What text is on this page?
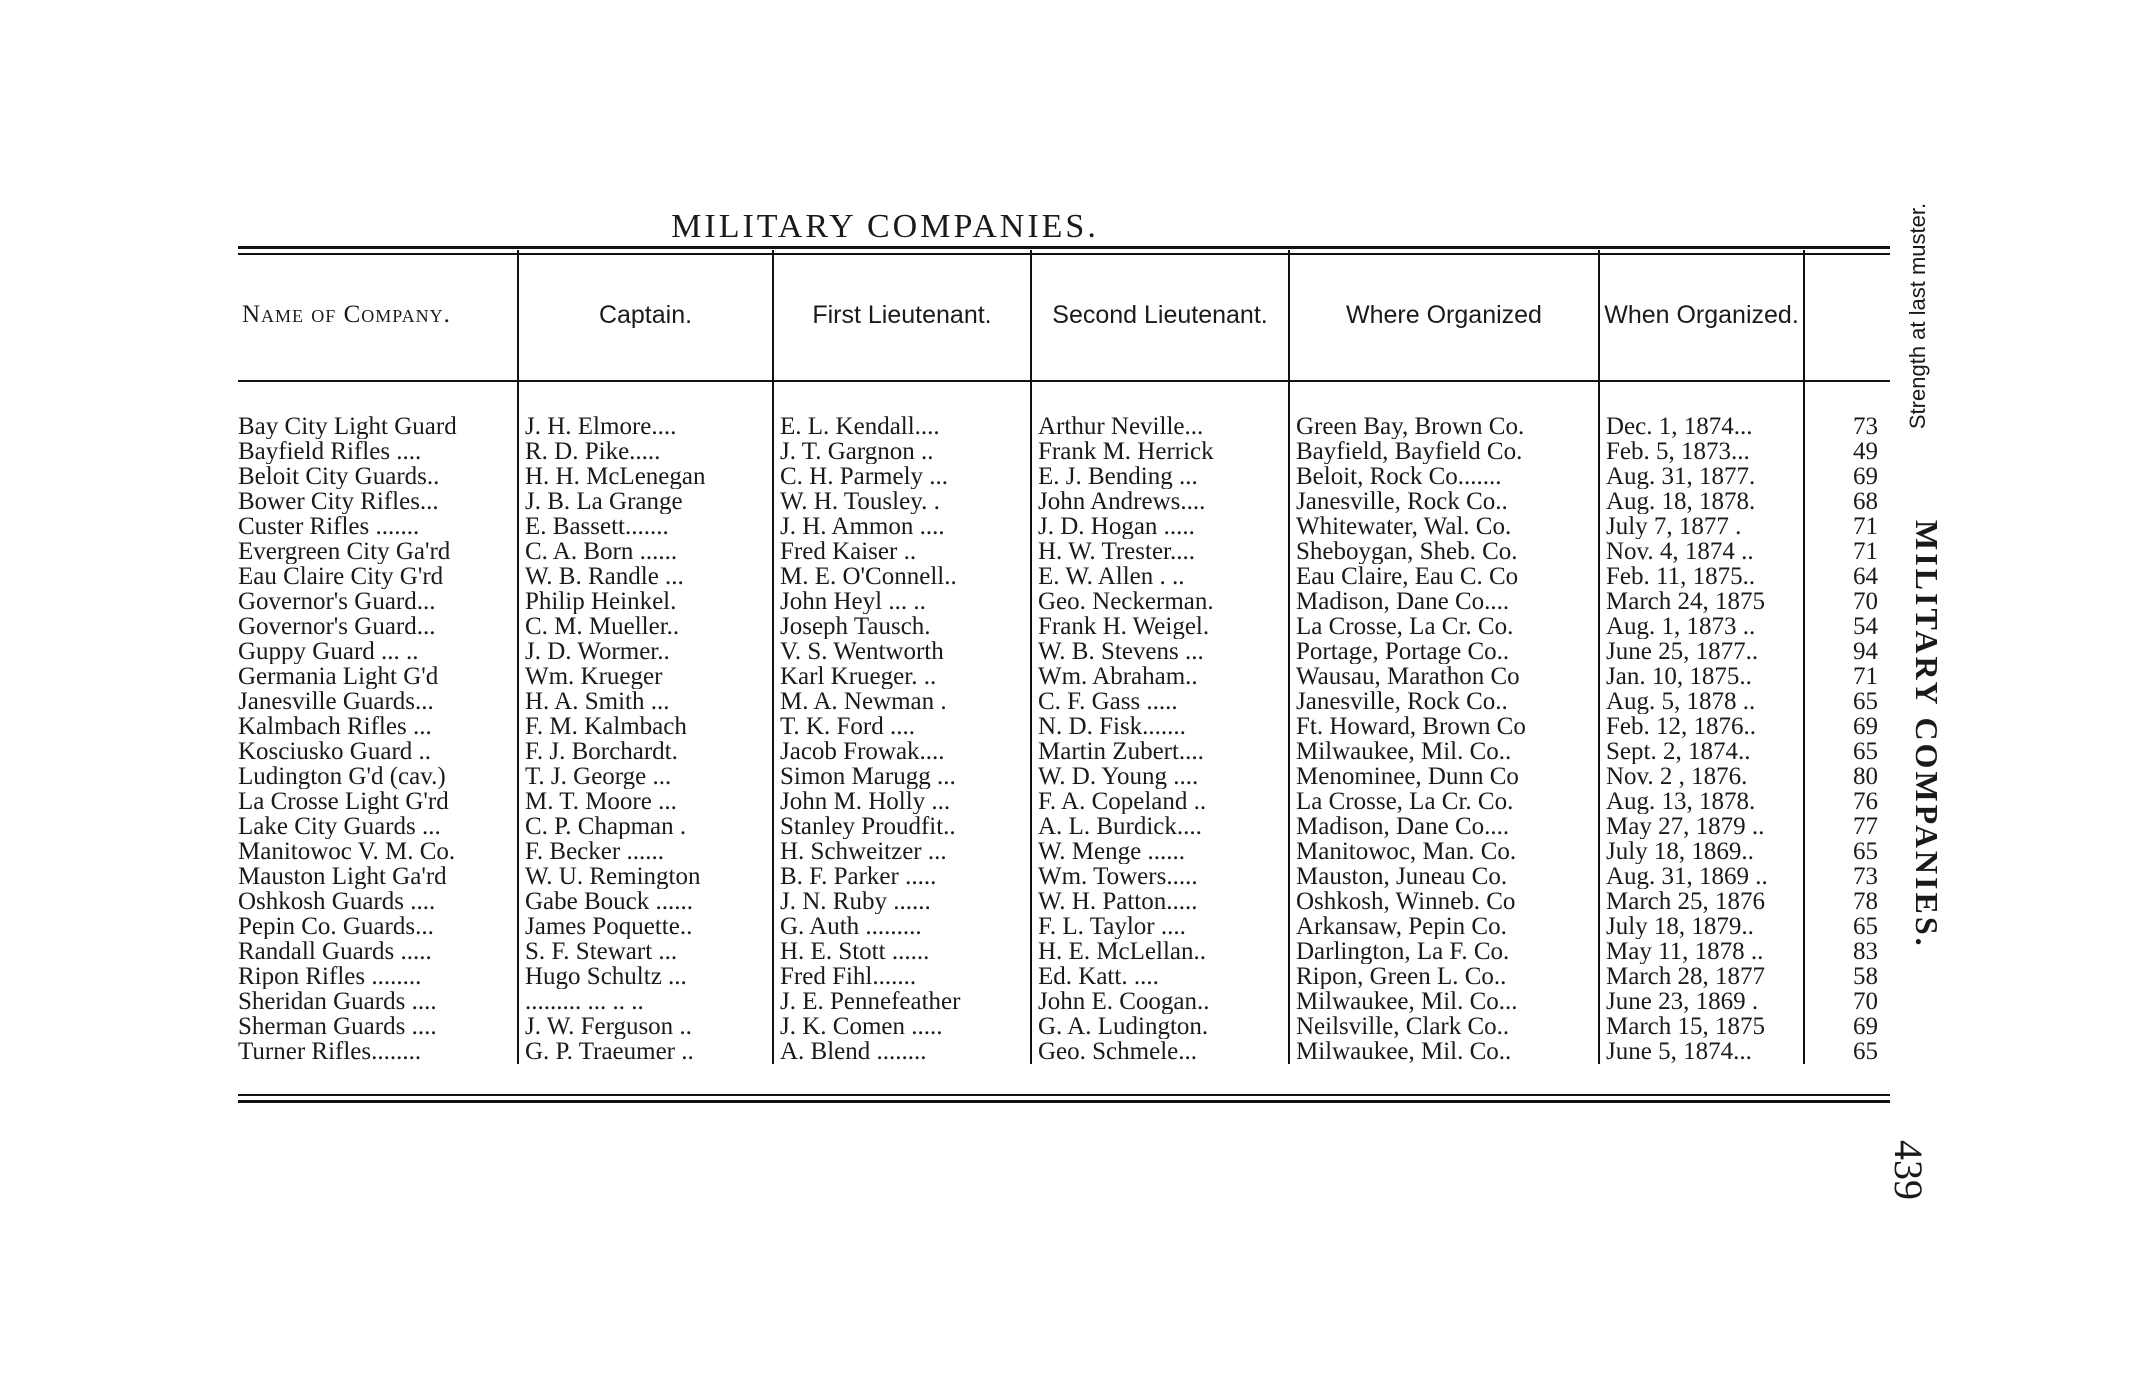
MILITARY COMPANIES.
Name of Company.	Captain.	First Lieutenant.	Second Lieutenant.	Where Organized	When Organized.	Strength at last muster.
Bay City Light Guard	J. H. Elmore....	E. L. Kendall....	Arthur Neville...	Green Bay, Brown Co.	Dec. 1, 1874...	73
Bayfield Rifles ....	R. D. Pike.....	J. T. Gargnon ..	Frank M. Herrick	Bayfield, Bayfield Co.	Feb. 5, 1873...	49
Beloit City Guards..	H. H. McLenegan	C. H. Parmely ...	E. J. Bending ...	Beloit, Rock Co.......	Aug. 31, 1877.	69
Bower City Rifles...	J. B. La Grange	W. H. Tousley. .	John Andrews....	Janesville, Rock Co..	Aug. 18, 1878.	68
Custer Rifles .......	E. Bassett.......	J. H. Ammon ....	J. D. Hogan .....	Whitewater, Wal. Co.	July 7, 1877 .	71
Evergreen City Ga'rd	C. A. Born ......	Fred Kaiser ..	H. W. Trester....	Sheboygan, Sheb. Co.	Nov. 4, 1874 ..	71
Eau Claire City G'rd	W. B. Randle ...	M. E. O'Connell..	E. W. Allen . ..	Eau Claire, Eau C. Co	Feb. 11, 1875..	64
Governor's Guard...	Philip Heinkel.	John Heyl ... ..	Geo. Neckerman.	Madison, Dane Co....	March 24, 1875	70
Governor's Guard...	C. M. Mueller..	Joseph Tausch.	Frank H. Weigel.	La Crosse, La Cr. Co.	Aug. 1, 1873 ..	54
Guppy Guard ... ..	J. D. Wormer..	V. S. Wentworth	W. B. Stevens ...	Portage, Portage Co..	June 25, 1877..	94
Germania Light G'd	Wm. Krueger	Karl Krueger. ..	Wm. Abraham..	Wausau, Marathon Co	Jan. 10, 1875..	71
Janesville Guards...	H. A. Smith ...	M. A. Newman .	C. F. Gass .....	Janesville, Rock Co..	Aug. 5, 1878 ..	65
Kalmbach Rifles ...	F. M. Kalmbach	T. K. Ford ....	N. D. Fisk.......	Ft. Howard, Brown Co	Feb. 12, 1876..	69
Kosciusko Guard ..	F. J. Borchardt.	Jacob Frowak....	Martin Zubert....	Milwaukee, Mil. Co..	Sept. 2, 1874..	65
Ludington G'd (cav.)	T. J. George ...	Simon Marugg ...	W. D. Young ....	Menominee, Dunn Co	Nov. 2 , 1876.	80
La Crosse Light G'rd	M. T. Moore ...	John M. Holly ...	F. A. Copeland ..	La Crosse, La Cr. Co.	Aug. 13, 1878.	76
Lake City Guards ...	C. P. Chapman .	Stanley Proudfit..	A. L. Burdick....	Madison, Dane Co....	May 27, 1879 ..	77
Manitowoc V. M. Co.	F. Becker ......	H. Schweitzer ...	W. Menge ......	Manitowoc, Man. Co.	July 18, 1869..	65
Mauston Light Ga'rd	W. U. Remington	B. F. Parker .....	Wm. Towers.....	Mauston, Juneau Co.	Aug. 31, 1869 ..	73
Oshkosh Guards ....	Gabe Bouck ......	J. N. Ruby ......	W. H. Patton.....	Oshkosh, Winneb. Co	March 25, 1876	78
Pepin Co. Guards...	James Poquette..	G. Auth .........	F. L. Taylor ....	Arkansaw, Pepin Co.	July 18, 1879..	65
Randall Guards .....	S. F. Stewart ...	H. E. Stott ......	H. E. McLellan..	Darlington, La F. Co.	May 11, 1878 ..	83
Ripon Rifles ........	Hugo Schultz ...	Fred Fihl.......	Ed. Katt. ....	Ripon, Green L. Co..	March 28, 1877	58
Sheridan Guards ....	......... ... .. ..	J. E. Pennefeather	John E. Coogan..	Milwaukee, Mil. Co...	June 23, 1869 .	70
Sherman Guards ....	J. W. Ferguson ..	J. K. Comen .....	G. A. Ludington.	Neilsville, Clark Co..	March 15, 1875	69
Turner Rifles........	G. P. Traeumer ..	A. Blend ........	Geo. Schmele...	Milwaukee, Mil. Co..	June 5, 1874...	65
MILITARY COMPANIES.
439
